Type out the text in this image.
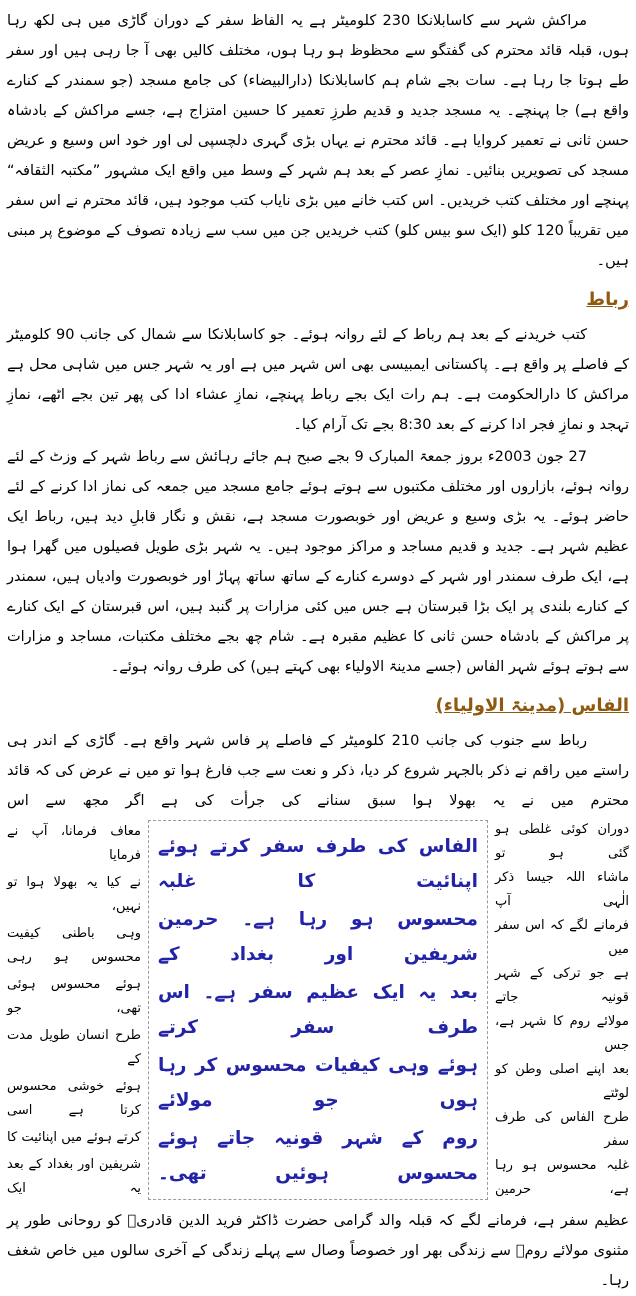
مراکش شہر سے کاسابلانکا 230 کلومیٹر ہے یہ الفاظ سفر کے دوران گاڑی میں ہی لکھ رہا ہوں، قبلہ قائد محترم کی گفتگو سے محظوظ ہو رہا ہوں، مختلف کالیں بھی آ جا رہی ہیں اور سفر طے ہوتا جا رہا ہے۔ سات بجے شام ہم کاسابلانکا (دارالبیضاء) کی جامع مسجد (جو سمندر کے کنارے واقع ہے) جا پہنچے۔ یہ مسجد جدید و قدیم طرزِ تعمیر کا حسین امتزاج ہے، جسے مراکش کے بادشاہ حسن ثانی نے تعمیر کروایا ہے۔ قائد محترم نے یہاں بڑی گہری دلچسپی لی اور خود اس وسیع و عریض مسجد کی تصویریں بنائیں۔ نمازِ عصر کے بعد ہم شہر کے وسط میں واقع ایک مشہور ”مکتبہ الثقافہ“ پہنچے اور مختلف کتب خریدیں۔ اس کتب خانے میں بڑی نایاب کتب موجود ہیں، قائد محترم نے اس سفر میں تقریباً 120 کلو (ایک سو بیس کلو) کتب خریدیں جن میں سب سے زیادہ تصوف کے موضوع پر مبنی ہیں۔

رباط

کتب خریدنے کے بعد ہم رباط کے لئے روانہ ہوئے۔ جو کاسابلانکا سے شمال کی جانب 90 کلومیٹر کے فاصلے پر واقع ہے۔ پاکستانی ایمبیسی بھی اس شہر میں ہے اور یہ شہر جس میں شاہی محل ہے مراکش کا دارالحکومت ہے۔ ہم رات ایک بجے رباط پہنچے، نمازِ عشاء ادا کی پھر تین بجے اٹھے، نمازِ تہجد و نمازِ فجر ادا کرنے کے بعد 8:30 بجے تک آرام کیا۔

27 جون 2003ء بروز جمعۃ المبارک 9 بجے صبح ہم جائے رہائش سے رباط شہر کے وزٹ کے لئے روانہ ہوئے، بازاروں اور مختلف مکتبوں سے ہوتے ہوئے جامع مسجد میں جمعہ کی نماز ادا کرنے کے لئے حاضر ہوئے۔ یہ بڑی وسیع و عریض اور خوبصورت مسجد ہے، نقش و نگار قابلِ دید ہیں، رباط ایک عظیم شہر ہے۔ جدید و قدیم مساجد و مراکز موجود ہیں۔ یہ شہر بڑی طویل فصیلوں میں گھرا ہوا ہے، ایک طرف سمندر اور شہر کے دوسرے کنارے کے ساتھ ساتھ پہاڑ اور خوبصورت وادیاں ہیں، سمندر کے کنارے بلندی پر ایک بڑا قبرستان ہے جس میں کئی مزارات پر گنبد ہیں، اس قبرستان کے ایک کنارے پر مراکش کے بادشاہ حسن ثانی کا عظیم مقبرہ ہے۔ شام چھ بجے مختلف مکتبات، مساجد و مزارات سے ہوتے ہوئے شہر الفاس (جسے مدینۃ الاولیاء بھی کہتے ہیں) کی طرف روانہ ہوئے۔

الفاس (مدینۃ الاولیاء)

رباط سے جنوب کی جانب 210 کلومیٹر کے فاصلے پر فاس شہر واقع ہے۔ گاڑی کے اندر ہی راستے میں راقم نے ذکر بالجہر شروع کر دیا، ذکر و نعت سے جب فارغ ہوا تو میں نے عرض کی کہ قائد محترم میں نے یہ بھولا ہوا سبق سنانے کی جرأت کی ہے اگر مجھ سے اس

دوران کوئی غلطی ہو گئی ہو تو
ماشاء اللہ جیسا ذکر الٰہی آپ
فرمانے لگے کہ اس سفر میں
ہے جو ترکی کے شہر قونیہ جاتے
مولائے روم کا شہر ہے، جس
بعد اپنے اصلی وطن کو لوٹتے
طرح الفاس کی طرف سفر
غلبہ محسوس ہو رہا ہے، حرمین
الفاس کی طرف سفر کرتے ہوئے اپنائیت کا غلبہ
محسوس ہو رہا ہے۔ حرمین شریفین اور بغداد کے
بعد یہ ایک عظیم سفر ہے۔ اس طرف سفر کرتے
ہوئے وہی کیفیات محسوس کر رہا ہوں جو مولائے
روم کے شہر قونیہ جاتے ہوئے محسوس ہوئیں تھی۔
معاف فرمانا، آپ نے فرمایا
نے کیا یہ بھولا ہوا تو نہیں،
وہی باطنی کیفیت محسوس ہو رہی
ہوئے محسوس ہوئی تھی، جو
طرح انسان طویل مدت کے
ہوئے خوشی محسوس کرتا ہے اسی
کرتے ہوئے میں اپنائیت کا
شریفین اور بغداد کے بعد یہ ایک

عظیم سفر ہے، فرمانے لگے کہ قبلہ والد گرامی حضرت ڈاکٹر فرید الدین قادریؒ کو روحانی طور پر مثنوی مولائے رومؒ سے زندگی بھر اور خصوصاً وصال سے پہلے زندگی کے آخری سالوں میں خاص شغف رہا۔
